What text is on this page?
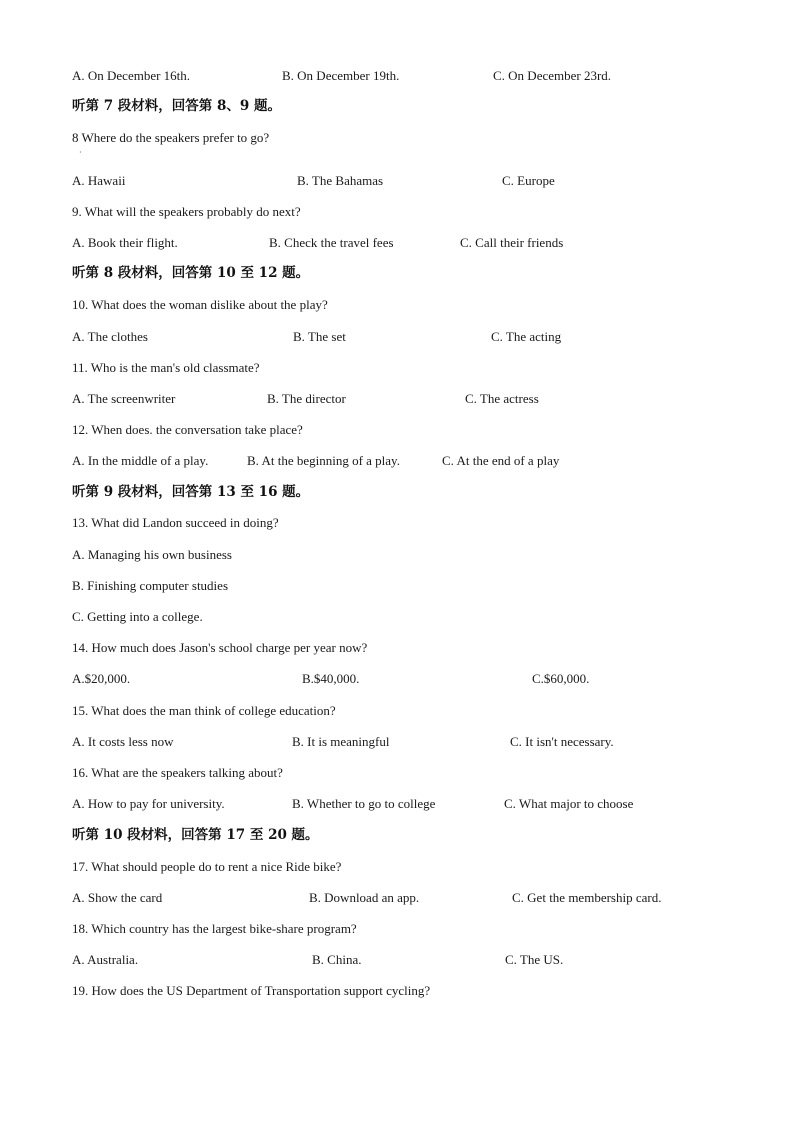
A. On December 16th.	B. On December 19th.	C. On December 23rd.
听第 7 段材料，回答第 8、9 题。
8 Where do the speakers prefer to go?
·
A. Hawaii	B. The Bahamas	C. Europe
9. What will the speakers probably do next?
A. Book their flight.	B. Check the travel fees	C. Call their friends
听第 8 段材料，回答第 10 至 12 题。
10. What does the woman dislike about the play?
A. The clothes	B. The set	C. The acting
11. Who is the man's old classmate?
A. The screenwriter	B. The director	C. The actress
12. When does. the conversation take place?
A. In the middle of a play.	B. At the beginning of a play.	C. At the end of a play
听第 9 段材料，回答第 13 至 16 题。
13. What did Landon succeed in doing?
A. Managing his own business
B. Finishing computer studies
C. Getting into a college.
14. How much does Jason's school charge per year now?
A.$20,000.	B.$40,000.	C.$60,000.
15. What does the man think of college education?
A. It costs less now	B. It is meaningful	C. It isn't necessary.
16. What are the speakers talking about?
A. How to pay for university.	B. Whether to go to college	C. What major to choose
听第 10 段材料，回答第 17 至 20 题。
17. What should people do to rent a nice Ride bike?
A. Show the card	B. Download an app.	C. Get the membership card.
18. Which country has the largest bike-share program?
A. Australia.	B. China.	C. The US.
19. How does the US Department of Transportation support cycling?
